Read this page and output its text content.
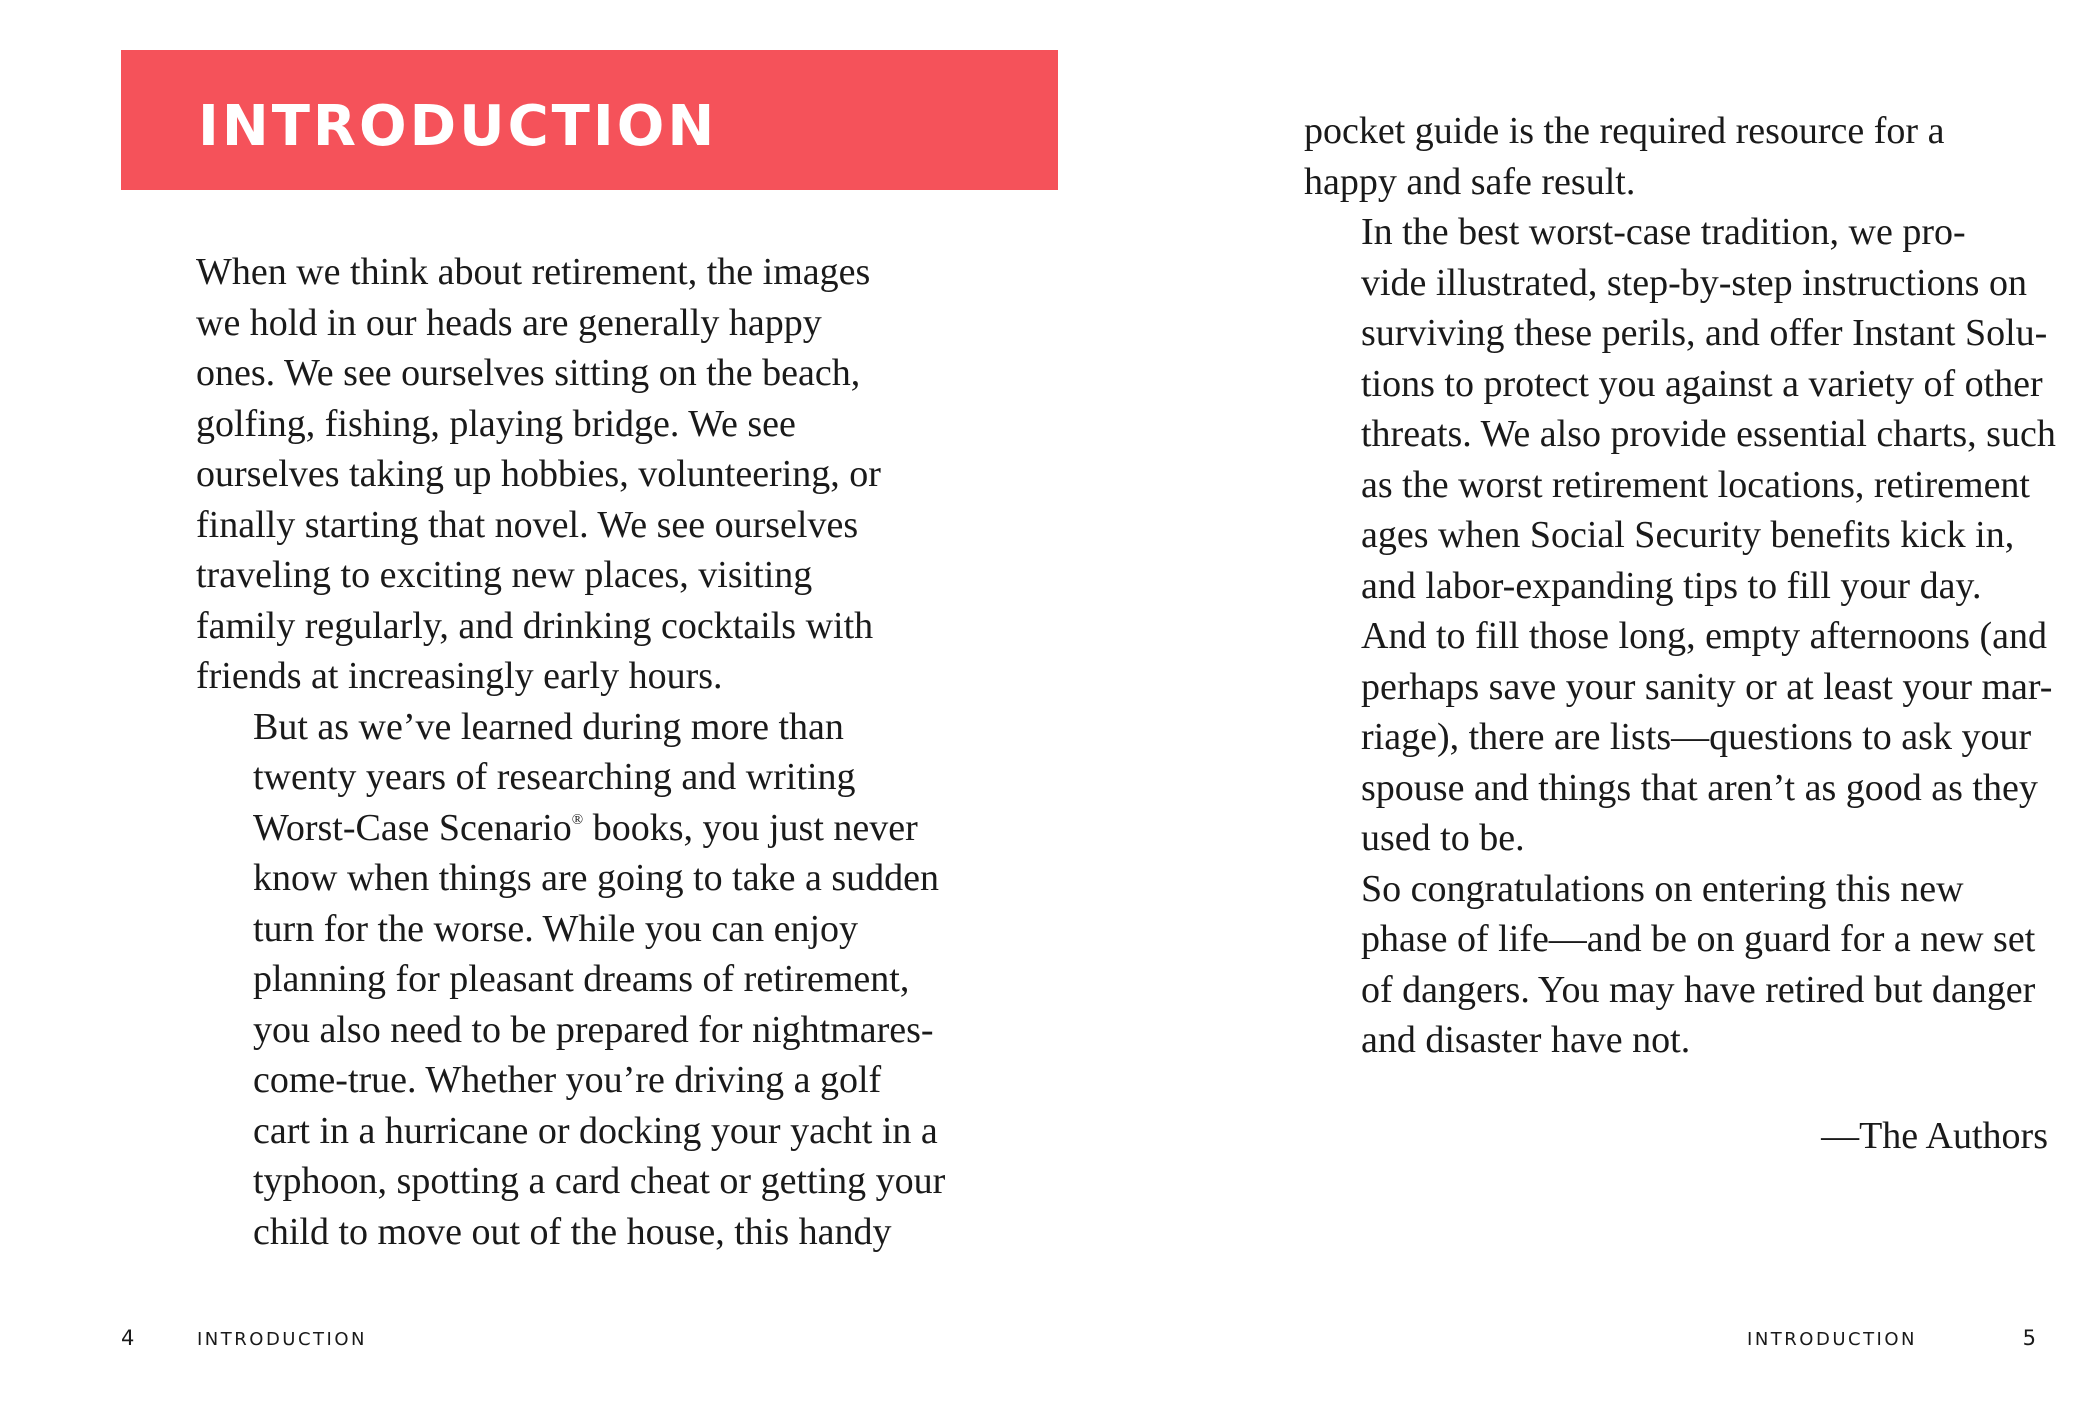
INTRODUCTION

When we think about retirement, the images
we hold in our heads are generally happy
ones. We see ourselves sitting on the beach,
golfing, fishing, playing bridge. We see
ourselves taking up hobbies, volunteering, or
finally starting that novel. We see ourselves
traveling to exciting new places, visiting
family regularly, and drinking cocktails with
friends at increasingly early hours.

But as we’ve learned during more than
twenty years of researching and writing
Worst-Case Scenario® books, you just never
know when things are going to take a sudden
turn for the worse. While you can enjoy
planning for pleasant dreams of retirement,
you also need to be prepared for nightmares-
come-true. Whether you’re driving a golf
cart in a hurricane or docking your yacht in a
typhoon, spotting a card cheat or getting your
child to move out of the house, this handy

4	INTRODUCTION

pocket guide is the required resource for a
happy and safe result.

In the best worst-case tradition, we pro-
vide illustrated, step-by-step instructions on
surviving these perils, and offer Instant Solu-
tions to protect you against a variety of other
threats. We also provide essential charts, such
as the worst retirement locations, retirement
ages when Social Security benefits kick in,
and labor-expanding tips to fill your day.
And to fill those long, empty afternoons (and
perhaps save your sanity or at least your mar-
riage), there are lists—questions to ask your
spouse and things that aren’t as good as they
used to be.

So congratulations on entering this new
phase of life—and be on guard for a new set
of dangers. You may have retired but danger
and disaster have not.

—The Authors
INTRODUCTION	5
